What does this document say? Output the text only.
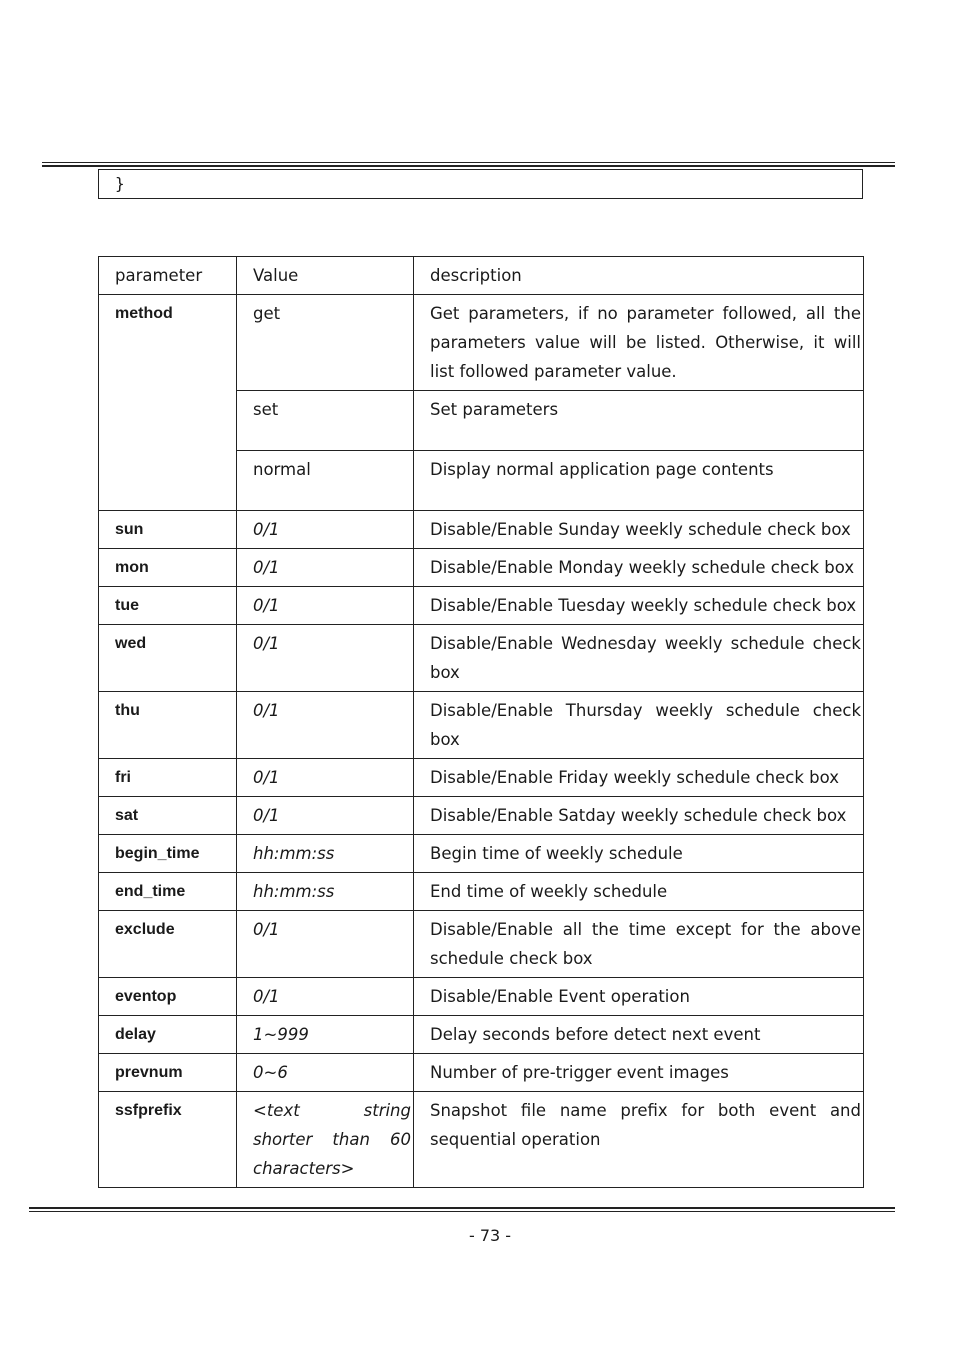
}
parameter	Value	description
method	get	Get parameters, if no parameter followed, all the parameters value will be listed. Otherwise, it will list followed parameter value.
	set	Set parameters
	normal	Display normal application page contents
sun	0/1	Disable/Enable Sunday weekly schedule check box
mon	0/1	Disable/Enable Monday weekly schedule check box
tue	0/1	Disable/Enable Tuesday weekly schedule check box
wed	0/1	Disable/Enable Wednesday weekly schedule check box
thu	0/1	Disable/Enable Thursday weekly schedule check box
fri	0/1	Disable/Enable Friday weekly schedule check box
sat	0/1	Disable/Enable Satday weekly schedule check box
begin_time	hh:mm:ss	Begin time of weekly schedule
end_time	hh:mm:ss	End time of weekly schedule
exclude	0/1	Disable/Enable all the time except for the above schedule check box
eventop	0/1	Disable/Enable Event operation
delay	1~999	Delay seconds before detect next event
prevnum	0~6	Number of pre-trigger event images
ssfprefix	<text string shorter than 60 characters>	Snapshot file name prefix for both event and sequential operation
- 73 -
